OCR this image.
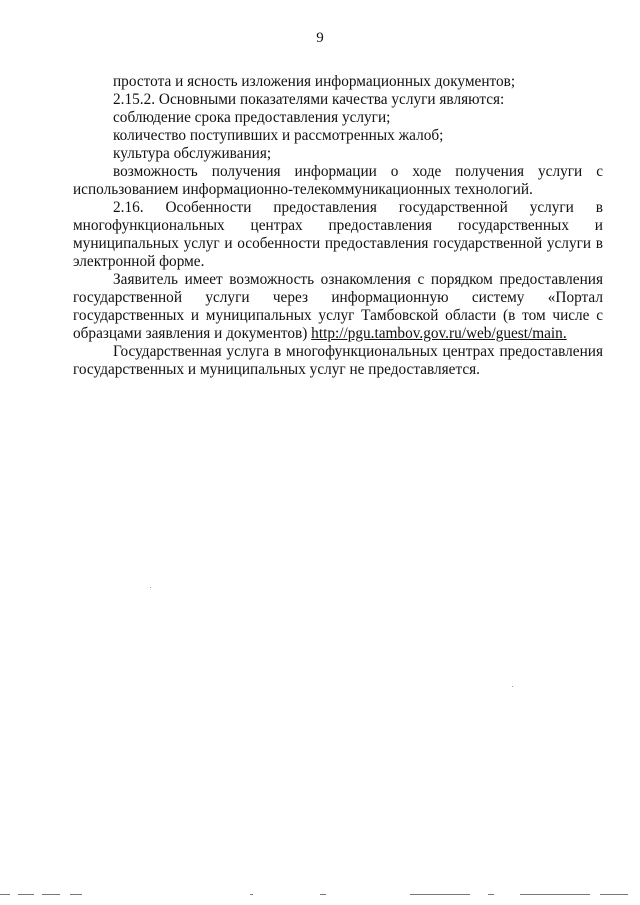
9

простота и ясность изложения информационных документов;

2.15.2. Основными показателями качества услуги являются:

соблюдение срока предоставления услуги;

количество поступивших и рассмотренных жалоб;

культура обслуживания;

возможность получения информации о ходе получения услуги с использованием информационно-телекоммуникационных технологий.

2.16. Особенности предоставления государственной услуги в многофункциональных центрах предоставления государственных и муниципальных услуг и особенности предоставления государственной услуги в электронной форме.

Заявитель имеет возможность ознакомления с порядком предоставления государственной услуги через информационную систему «Портал государственных и муниципальных услуг Тамбовской области (в том числе с образцами заявления и документов) http://pgu.tambov.gov.ru/web/guest/main.

Государственная услуга в многофункциональных центрах предоставления государственных и муниципальных услуг не предоставляется.
